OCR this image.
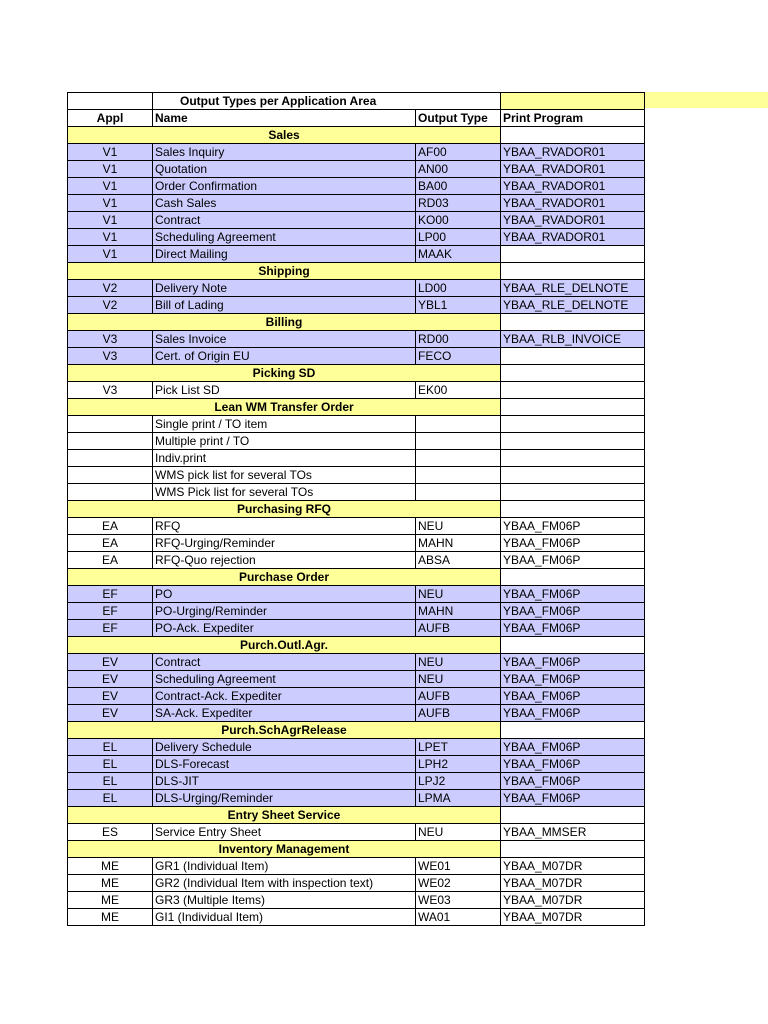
	Output Types per Application Area		
Appl	Name	Output Type	Print Program
Sales			
V1	Sales Inquiry	AF00	YBAA_RVADOR01
V1	Quotation	AN00	YBAA_RVADOR01
V1	Order Confirmation	BA00	YBAA_RVADOR01
V1	Cash Sales	RD03	YBAA_RVADOR01
V1	Contract	KO00	YBAA_RVADOR01
V1	Scheduling Agreement	LP00	YBAA_RVADOR01
V1	Direct Mailing	MAAK	
Shipping			
V2	Delivery Note	LD00	YBAA_RLE_DELNOTE
V2	Bill of Lading	YBL1	YBAA_RLE_DELNOTE
Billing			
V3	Sales Invoice	RD00	YBAA_RLB_INVOICE
V3	Cert. of Origin EU	FECO	
Picking SD			
V3	Pick List SD	EK00	
Lean WM Transfer Order			
	Single print / TO item		
	Multiple print / TO		
	Indiv.print		
	WMS pick list for several TOs		
	WMS Pick list for several TOs		
Purchasing RFQ			
EA	RFQ	NEU	YBAA_FM06P
EA	RFQ-Urging/Reminder	MAHN	YBAA_FM06P
EA	RFQ-Quo rejection	ABSA	YBAA_FM06P
Purchase Order			
EF	PO	NEU	YBAA_FM06P
EF	PO-Urging/Reminder	MAHN	YBAA_FM06P
EF	PO-Ack. Expediter	AUFB	YBAA_FM06P
Purch.Outl.Agr.			
EV	Contract	NEU	YBAA_FM06P
EV	Scheduling Agreement	NEU	YBAA_FM06P
EV	Contract-Ack. Expediter	AUFB	YBAA_FM06P
EV	SA-Ack. Expediter	AUFB	YBAA_FM06P
Purch.SchAgrRelease			
EL	Delivery Schedule	LPET	YBAA_FM06P
EL	DLS-Forecast	LPH2	YBAA_FM06P
EL	DLS-JIT	LPJ2	YBAA_FM06P
EL	DLS-Urging/Reminder	LPMA	YBAA_FM06P
Entry Sheet Service			
ES	Service Entry Sheet	NEU	YBAA_MMSER
Inventory Management			
ME	GR1 (Individual Item)	WE01	YBAA_M07DR
ME	GR2 (Individual Item with inspection text)	WE02	YBAA_M07DR
ME	GR3 (Multiple Items)	WE03	YBAA_M07DR
ME	GI1 (Individual Item)	WA01	YBAA_M07DR
